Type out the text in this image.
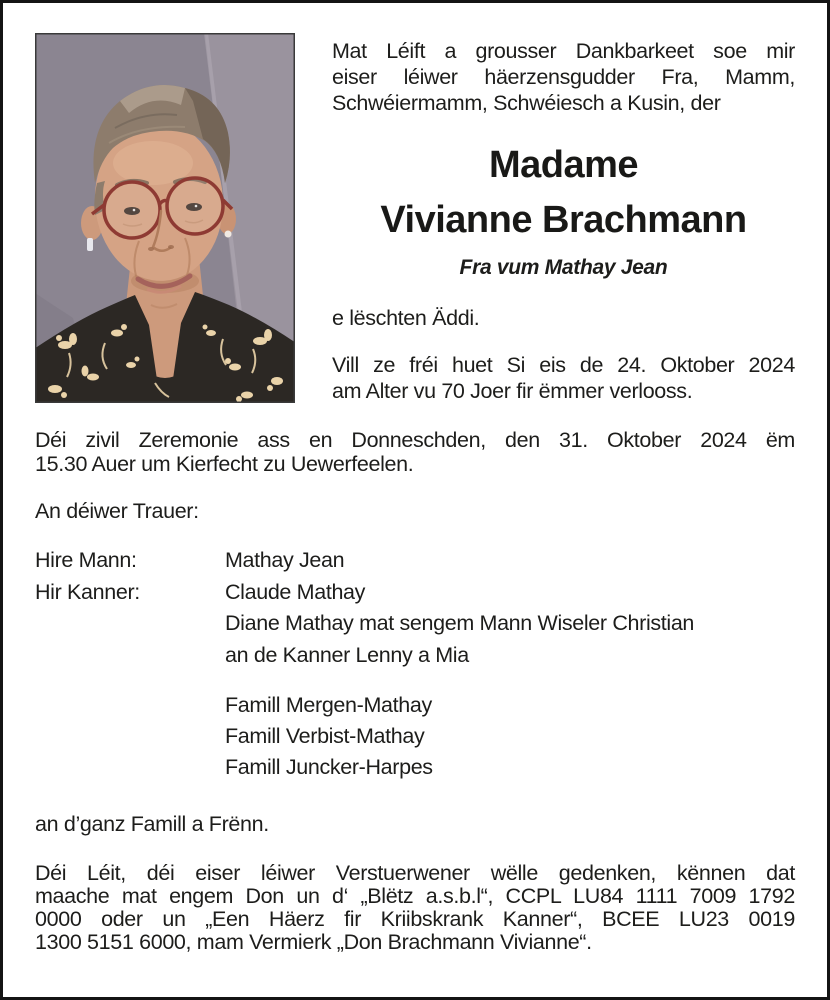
Mat Léift a grousser Dankbarkeet soe mir
eiser léiwer häerzensgudder Fra, Mamm,
Schwéiermamm, Schwéiesch a Kusin, der
Madame
Vivianne Brachmann
Fra vum Mathay Jean
e lëschten Äddi.
Vill ze fréi huet Si eis de 24. Oktober 2024
am Alter vu 70 Joer fir ëmmer verlooss.
Déi zivil Zeremonie ass en Donneschden, den 31. Oktober 2024 ëm
15.30 Auer um Kierfecht zu Uewerfeelen.
An déiwer Trauer:
Hire Mann:	Mathay Jean
Hir Kanner:	Claude Mathay
Diane Mathay mat sengem Mann Wiseler Christian
an de Kanner Lenny a Mia
Famill Mergen-Mathay
Famill Verbist-Mathay
Famill Juncker-Harpes
an d’ganz Famill a Frënn.
Déi Léit, déi eiser léiwer Verstuerwener wëlle gedenken, kënnen dat
maache mat engem Don un d‘ „Blëtz a.s.b.l“, CCPL LU84 1111 7009 1792
0000 oder un „Een Häerz fir Kriibskrank Kanner“, BCEE LU23 0019
1300 5151 6000, mam Vermierk „Don Brachmann Vivianne“.
